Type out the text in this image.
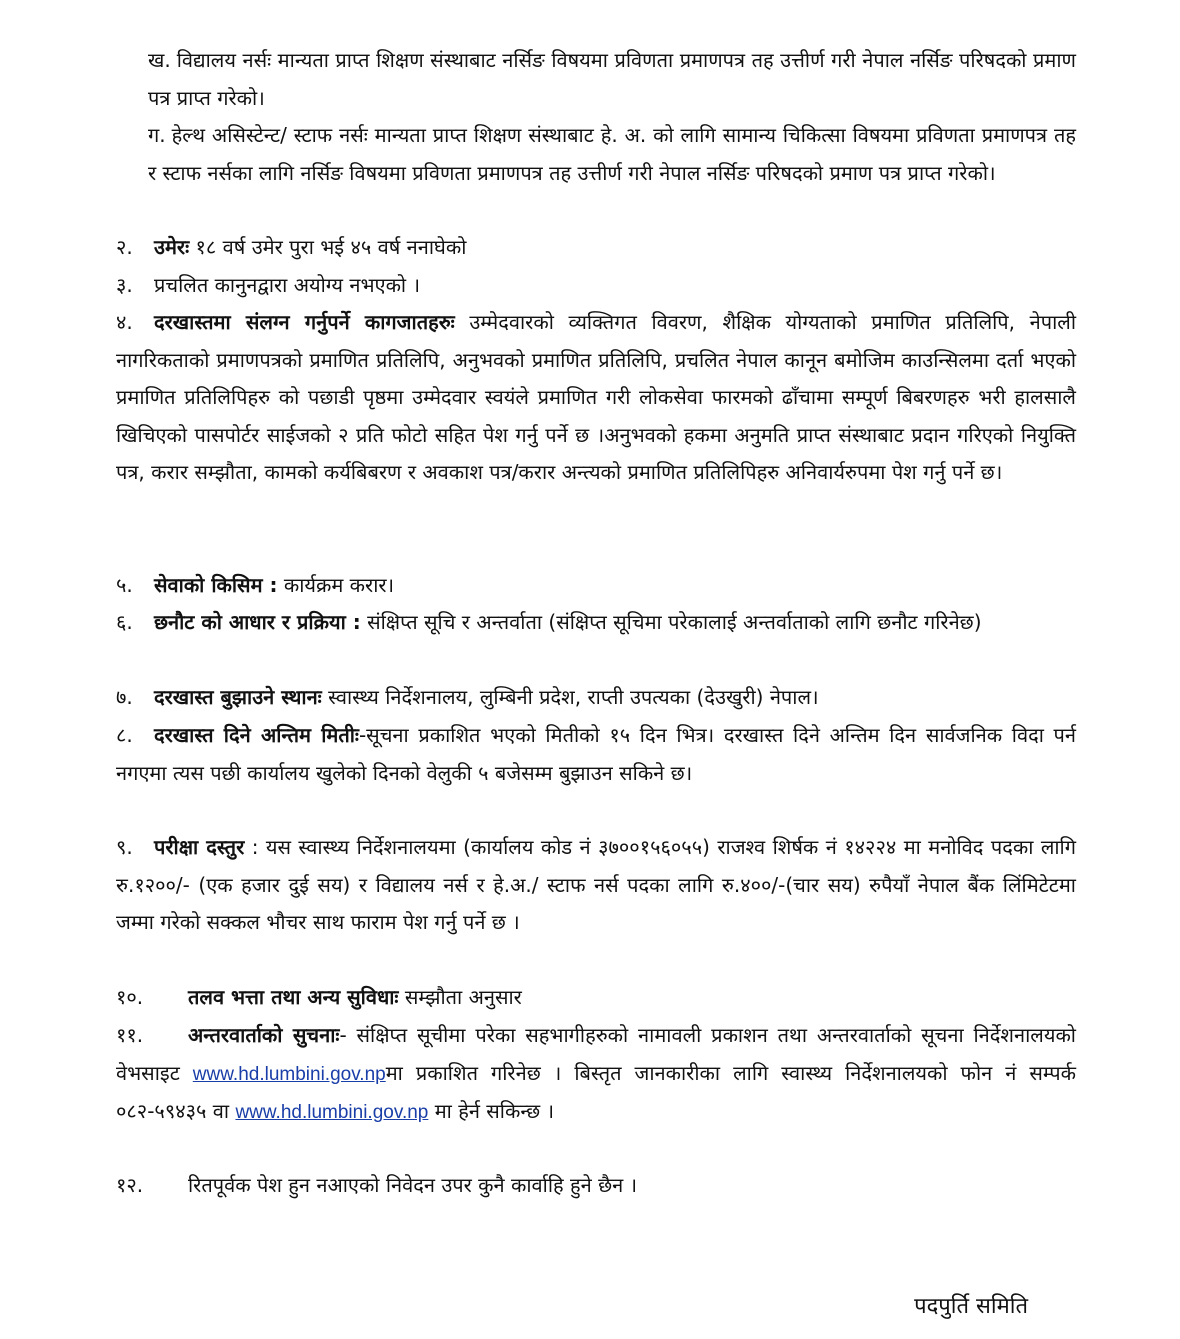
ख. विद्यालय नर्सः मान्यता प्राप्त शिक्षण संस्थाबाट नर्सिङ विषयमा प्रविणता प्रमाणपत्र तह उत्तीर्ण गरी नेपाल नर्सिङ परिषदको प्रमाण पत्र प्राप्त गरेको।
ग. हेल्थ असिस्टेन्ट/ स्टाफ नर्सः मान्यता प्राप्त शिक्षण संस्थाबाट हे. अ. को लागि सामान्य चिकित्सा विषयमा प्रविणता प्रमाणपत्र तह र स्टाफ नर्सका लागि नर्सिङ विषयमा प्रविणता प्रमाणपत्र तह उत्तीर्ण गरी नेपाल नर्सिङ परिषदको प्रमाण पत्र प्राप्त गरेको।
२. उमेरः १८ वर्ष उमेर पुरा भई ४५ वर्ष ननाघेको
३. प्रचलित कानुनद्वारा अयोग्य नभएको ।
४. दरखास्तमा संलग्न गर्नुपर्ने कागजातहरुः उम्मेदवारको व्यक्तिगत विवरण, शैक्षिक योग्यताको प्रमाणित प्रतिलिपि, नेपाली नागरिकताको प्रमाणपत्रको प्रमाणित प्रतिलिपि, अनुभवको प्रमाणित प्रतिलिपि, प्रचलित नेपाल कानून बमोजिम काउन्सिलमा दर्ता भएको प्रमाणित प्रतिलिपिहरु को पछाडी पृष्ठमा उम्मेदवार स्वयंले प्रमाणित गरी लोकसेवा फारमको ढाँचामा सम्पूर्ण बिबरणहरु भरी हालसालै खिचिएको पासपोर्टर साईजको २ प्रति फोटो सहित पेश गर्नु पर्ने छ ।अनुभवको हकमा अनुमति प्राप्त संस्थाबाट प्रदान गरिएको नियुक्ति पत्र, करार सम्झौता, कामको कर्यबिबरण र अवकाश पत्र/करार अन्त्यको प्रमाणित प्रतिलिपिहरु अनिवार्यरुपमा पेश गर्नु पर्ने छ।
५. सेवाको किसिम : कार्यक्रम करार।
६. छनौट को आधार र प्रक्रिया : संक्षिप्त सूचि र अन्तर्वाता (संक्षिप्त सूचिमा परेकालाई अन्तर्वाताको लागि छनौट गरिनेछ)
७. दरखास्त बुझाउने स्थानः स्वास्थ्य निर्देशनालय, लुम्बिनी प्रदेश, राप्ती उपत्यका (देउखुरी) नेपाल।
८. दरखास्त दिने अन्तिम मितीः-सूचना प्रकाशित भएको मितीको १५ दिन भित्र। दरखास्त दिने अन्तिम दिन सार्वजनिक विदा पर्न नगएमा त्यस पछी कार्यालय खुलेको दिनको वेलुकी ५ बजेसम्म बुझाउन सकिने छ।
९. परीक्षा दस्तुर : यस स्वास्थ्य निर्देशनालयमा (कार्यालय कोड नं ३७००१५६०५५) राजश्व शिर्षक नं १४२२४ मा मनोविद पदका लागि रु.१२००/- (एक हजार दुई सय) र विद्यालय नर्स र हे.अ./ स्टाफ नर्स पदका लागि रु.४००/-(चार सय) रुपैयाँ नेपाल बैंक लिंमिटेटमा जम्मा गरेको सक्कल भौचर साथ फाराम पेश गर्नु पर्ने छ ।
१०. तलव भत्ता तथा अन्य सुविधाः सम्झौता अनुसार
११. अन्तरवार्ताको सुचनाः- संक्षिप्त सूचीमा परेका सहभागीहरुको नामावली प्रकाशन तथा अन्तरवार्ताको सूचना निर्देशनालयको वेभसाइट www.hd.lumbini.gov.npमा प्रकाशित गरिनेछ । बिस्तृत जानकारीका लागि स्वास्थ्य निर्देशनालयको फोन नं सम्पर्क ०८२-५९४३५ वा www.hd.lumbini.gov.np मा हेर्न सकिन्छ ।
१२. रितपूर्वक पेश हुन नआएको निवेदन उपर कुनै कार्वाहि हुने छैन ।
पदपुर्ति समिति
